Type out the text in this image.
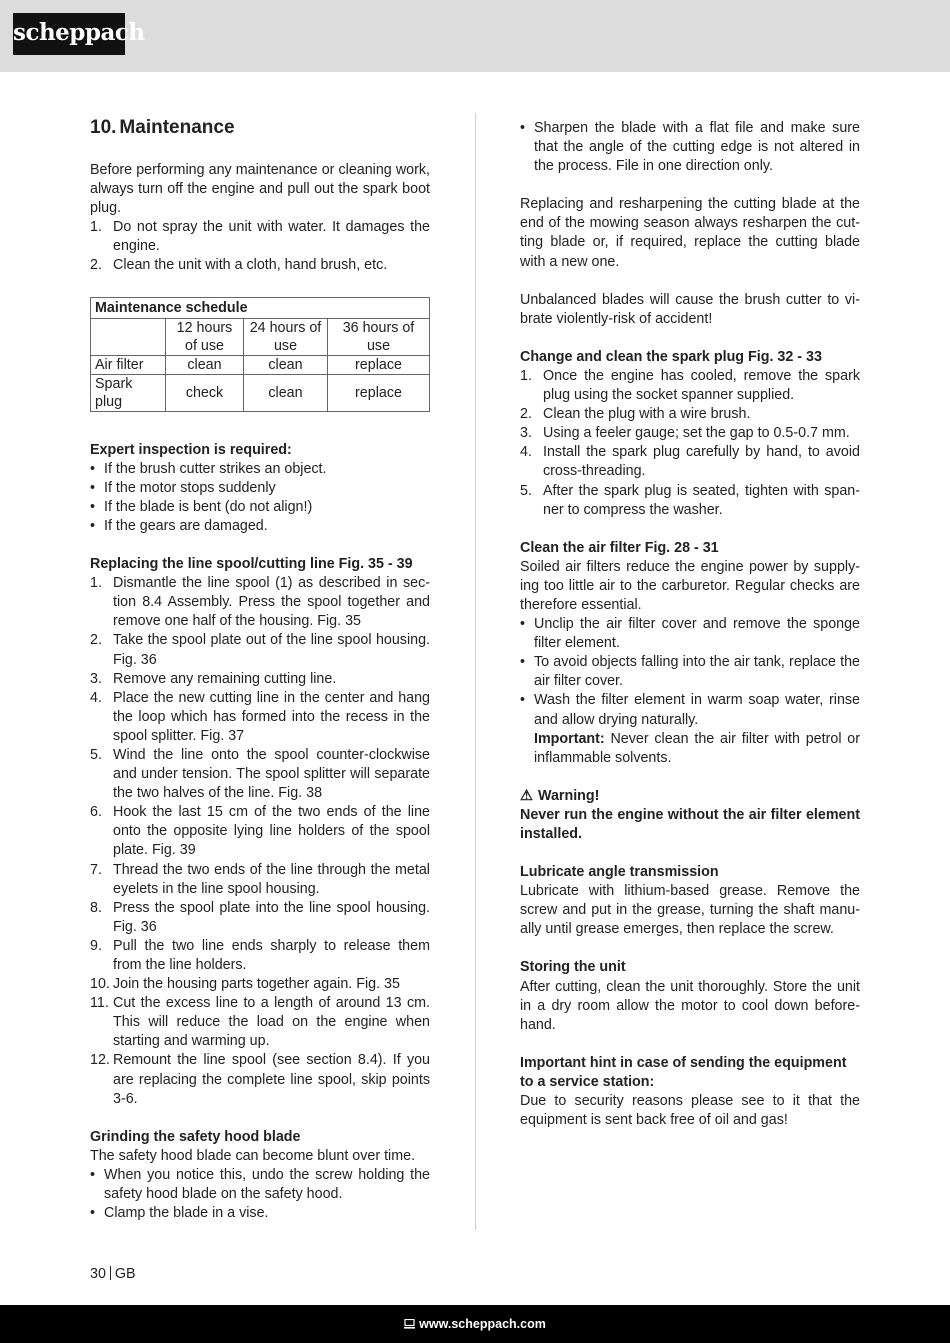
scheppach
10. Maintenance

Before performing any maintenance or cleaning work, always turn off the engine and pull out the spark boot plug.

1. Do not spray the unit with water. It damages the engine.
2. Clean the unit with a cloth, hand brush, etc.
Maintenance schedule			
	12 hours of use	24 hours of use	36 hours of use
Air filter	clean	clean	replace
Spark plug	check	clean	replace

Expert inspection is required:

• If the brush cutter strikes an object.
• If the motor stops suddenly
• If the blade is bent (do not align!)
• If the gears are damaged.

Replacing the line spool/cutting line Fig. 35 - 39

1. Dismantle the line spool (1) as described in section 8.4 Assembly. Press the spool together and remove one half of the housing. Fig. 35
2. Take the spool plate out of the line spool housing. Fig. 36
3. Remove any remaining cutting line.
4. Place the new cutting line in the center and hang the loop which has formed into the recess in the spool splitter. Fig. 37
5. Wind the line onto the spool counter-clockwise and under tension. The spool splitter will separate the two halves of the line. Fig. 38
6. Hook the last 15 cm of the two ends of the line onto the opposite lying line holders of the spool plate. Fig. 39
7. Thread the two ends of the line through the metal eyelets in the line spool housing.
8. Press the spool plate into the line spool housing. Fig. 36
9. Pull the two line ends sharply to release them from the line holders.
10. Join the housing parts together again. Fig. 35
11. Cut the excess line to a length of around 13 cm. This will reduce the load on the engine when starting and warming up.
12. Remount the line spool (see section 8.4). If you are replacing the complete line spool, skip points 3-6.

Grinding the safety hood blade

The safety hood blade can become blunt over time.

• When you notice this, undo the screw holding the safety hood blade on the safety hood.
• Clamp the blade in a vise.
• Sharpen the blade with a flat file and make sure that the angle of the cutting edge is not altered in the process. File in one direction only.

Replacing and resharpening the cutting blade at the end of the mowing season always resharpen the cutting blade or, if required, replace the cutting blade with a new one.

Unbalanced blades will cause the brush cutter to vibrate violently-risk of accident!

Change and clean the spark plug Fig. 32 - 33

1. Once the engine has cooled, remove the spark plug using the socket spanner supplied.
2. Clean the plug with a wire brush.
3. Using a feeler gauge; set the gap to 0.5-0.7 mm.
4. Install the spark plug carefully by hand, to avoid cross-threading.
5. After the spark plug is seated, tighten with spanner to compress the washer.

Clean the air filter Fig. 28 - 31

Soiled air filters reduce the engine power by supplying too little air to the carburetor. Regular checks are therefore essential.

• Unclip the air filter cover and remove the sponge filter element.
• To avoid objects falling into the air tank, replace the air filter cover.
• Wash the filter element in warm soap water, rinse and allow drying naturally.
Important: Never clean the air filter with petrol or inflammable solvents.

⚠ Warning!

Never run the engine without the air filter element installed.

Lubricate angle transmission

Lubricate with lithium-based grease. Remove the screw and put in the grease, turning the shaft manually until grease emerges, then replace the screw.

Storing the unit

After cutting, clean the unit thoroughly. Store the unit in a dry room allow the motor to cool down beforehand.

Important hint in case of sending the equipment to a service station:

Due to security reasons please see to it that the equipment is sent back free of oil and gas!

30 GB
www.scheppach.com
